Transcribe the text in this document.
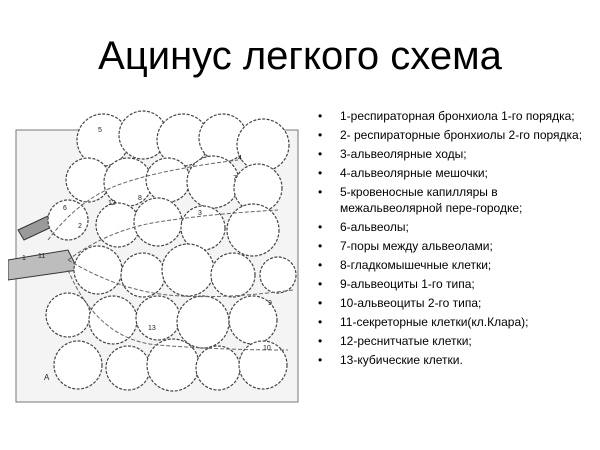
Ацинус легкого схема
1
2
3
4
5
6
7
8
9
10
11
12
13
А
• 1-респираторная бронхиола 1-го порядка;
• 2- респираторные бронхиолы 2-го порядка;
• 3-альвеолярные ходы;
• 4-альвеолярные мешочки;
• 5-кровеносные капилляры в межальвеолярной пере-городке;
• 6-альвеолы;
• 7-поры между альвеолами;
• 8-гладкомышечные клетки;
• 9-альвеоциты 1-го типа;
• 10-альвеоциты 2-го типа;
• 11-секреторные клетки(кл.Клара);
• 12-реснитчатые клетки;
• 13-кубические клетки.
